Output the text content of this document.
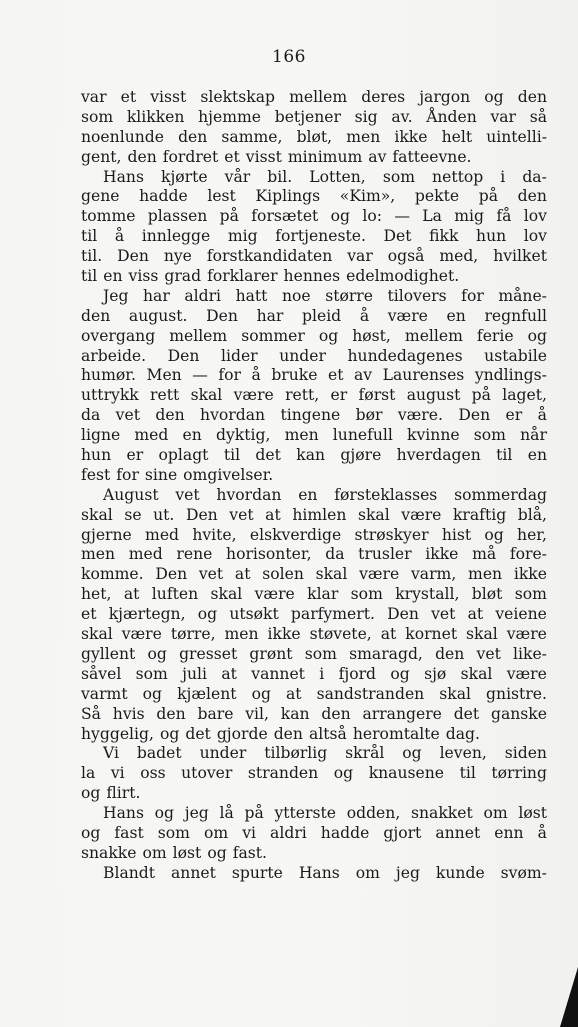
166
var et visst slektskap mellem deres jargon og den
som klikken hjemme betjener sig av. Ånden var så
noenlunde den samme, bløt, men ikke helt uintelli-
gent, den fordret et visst minimum av fatteevne.
Hans kjørte vår bil. Lotten, som nettop i da-
gene hadde lest Kiplings «Kim», pekte på den
tomme plassen på forsætet og lo: — La mig få lov
til å innlegge mig fortjeneste. Det fikk hun lov
til. Den nye forstkandidaten var også med, hvilket
til en viss grad forklarer hennes edelmodighet.
Jeg har aldri hatt noe større tilovers for måne-
den august. Den har pleid å være en regnfull
overgang mellem sommer og høst, mellem ferie og
arbeide. Den lider under hundedagenes ustabile
humør. Men — for å bruke et av Laurenses yndlings-
uttrykk rett skal være rett, er først august på laget,
da vet den hvordan tingene bør være. Den er å
ligne med en dyktig, men lunefull kvinne som når
hun er oplagt til det kan gjøre hverdagen til en
fest for sine omgivelser.
August vet hvordan en førsteklasses sommerdag
skal se ut. Den vet at himlen skal være kraftig blå,
gjerne med hvite, elskverdige strøskyer hist og her,
men med rene horisonter, da trusler ikke må fore-
komme. Den vet at solen skal være varm, men ikke
het, at luften skal være klar som krystall, bløt som
et kjærtegn, og utsøkt parfymert. Den vet at veiene
skal være tørre, men ikke støvete, at kornet skal være
gyllent og gresset grønt som smaragd, den vet like-
såvel som juli at vannet i fjord og sjø skal være
varmt og kjælent og at sandstranden skal gnistre.
Så hvis den bare vil, kan den arrangere det ganske
hyggelig, og det gjorde den altså heromtalte dag.
Vi badet under tilbørlig skrål og leven, siden
la vi oss utover stranden og knausene til tørring
og flirt.
Hans og jeg lå på ytterste odden, snakket om løst
og fast som om vi aldri hadde gjort annet enn å
snakke om løst og fast.
Blandt annet spurte Hans om jeg kunde svøm-
